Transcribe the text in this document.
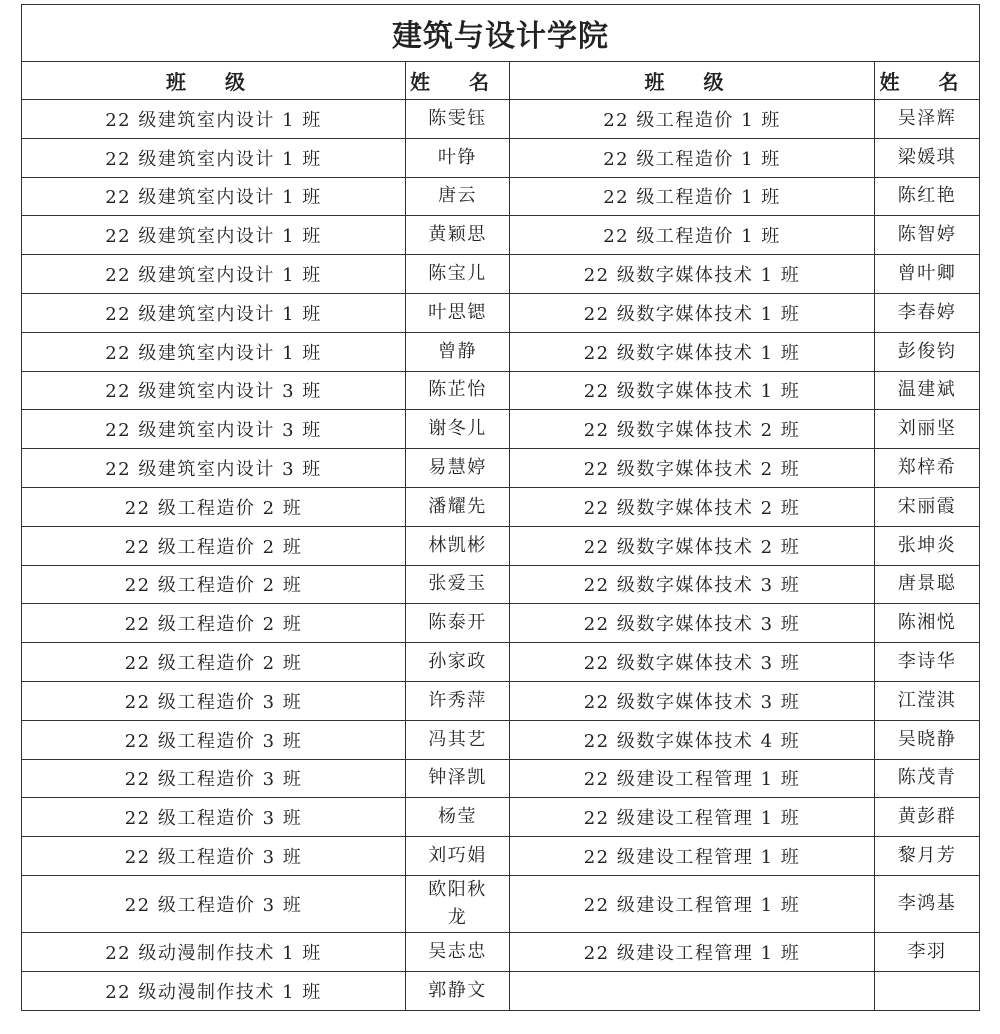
建筑与设计学院			
班 级	姓 名	班 级	姓 名
22 级建筑室内设计 1 班	陈雯钰	22 级工程造价 1 班	吴泽辉
22 级建筑室内设计 1 班	叶铮	22 级工程造价 1 班	梁媛琪
22 级建筑室内设计 1 班	唐云	22 级工程造价 1 班	陈红艳
22 级建筑室内设计 1 班	黄颖思	22 级工程造价 1 班	陈智婷
22 级建筑室内设计 1 班	陈宝儿	22 级数字媒体技术 1 班	曾叶卿
22 级建筑室内设计 1 班	叶思锶	22 级数字媒体技术 1 班	李春婷
22 级建筑室内设计 1 班	曾静	22 级数字媒体技术 1 班	彭俊钧
22 级建筑室内设计 3 班	陈芷怡	22 级数字媒体技术 1 班	温建斌
22 级建筑室内设计 3 班	谢冬儿	22 级数字媒体技术 2 班	刘丽坚
22 级建筑室内设计 3 班	易慧婷	22 级数字媒体技术 2 班	郑梓希
22 级工程造价 2 班	潘耀先	22 级数字媒体技术 2 班	宋丽霞
22 级工程造价 2 班	林凯彬	22 级数字媒体技术 2 班	张坤炎
22 级工程造价 2 班	张爱玉	22 级数字媒体技术 3 班	唐景聪
22 级工程造价 2 班	陈泰开	22 级数字媒体技术 3 班	陈湘悦
22 级工程造价 2 班	孙家政	22 级数字媒体技术 3 班	李诗华
22 级工程造价 3 班	许秀萍	22 级数字媒体技术 3 班	江滢淇
22 级工程造价 3 班	冯其艺	22 级数字媒体技术 4 班	吴晓静
22 级工程造价 3 班	钟泽凯	22 级建设工程管理 1 班	陈茂青
22 级工程造价 3 班	杨莹	22 级建设工程管理 1 班	黄彭群
22 级工程造价 3 班	刘巧娟	22 级建设工程管理 1 班	黎月芳
22 级工程造价 3 班	欧阳秋龙	22 级建设工程管理 1 班	李鸿基
22 级动漫制作技术 1 班	吴志忠	22 级建设工程管理 1 班	李羽
22 级动漫制作技术 1 班	郭静文		
